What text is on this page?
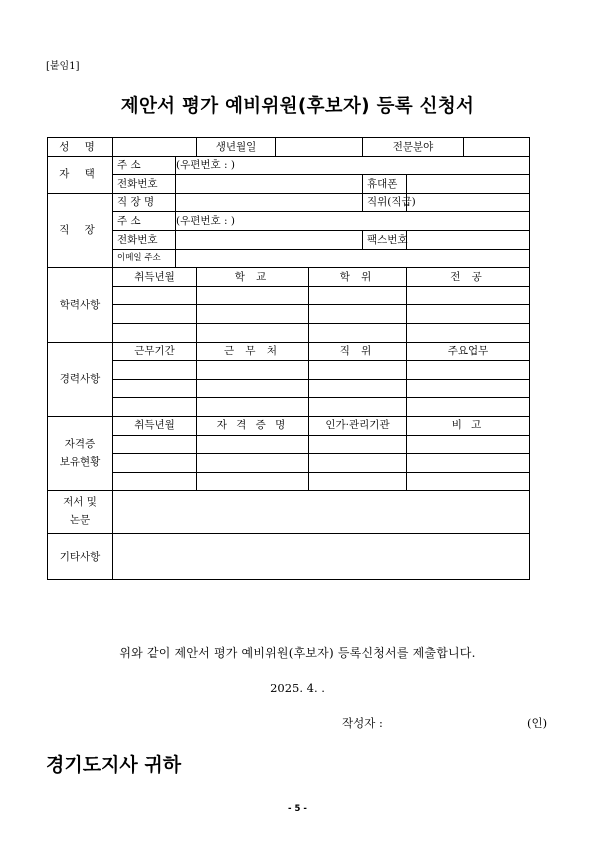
[붙임1]
제안서 평가 예비위원(후보자) 등록 신청서
성 명			생년월일			전문분야		
자 택	주 소	(우편번호 : )						
	전화번호					휴대폰		
직 장	직 장 명					직위(직급)		
	주 소	(우편번호 : )						
	전화번호					팩스번호		
	이메일 주소							
학력사항	취득년월		학 교		학 위		전 공	

경력사항	근무기간		근 무 처		직 위		주요업무	

자격증
보유현황	취득년월		자 격 증 명		인가·관리기관		비 고	

저서 및
논문								
기타사항								
위와 같이 제안서 평가 예비위원(후보자) 등록신청서를 제출합니다.
2025. 4. .
작성자 :	(인)
경기도지사 귀하
- 5 -
